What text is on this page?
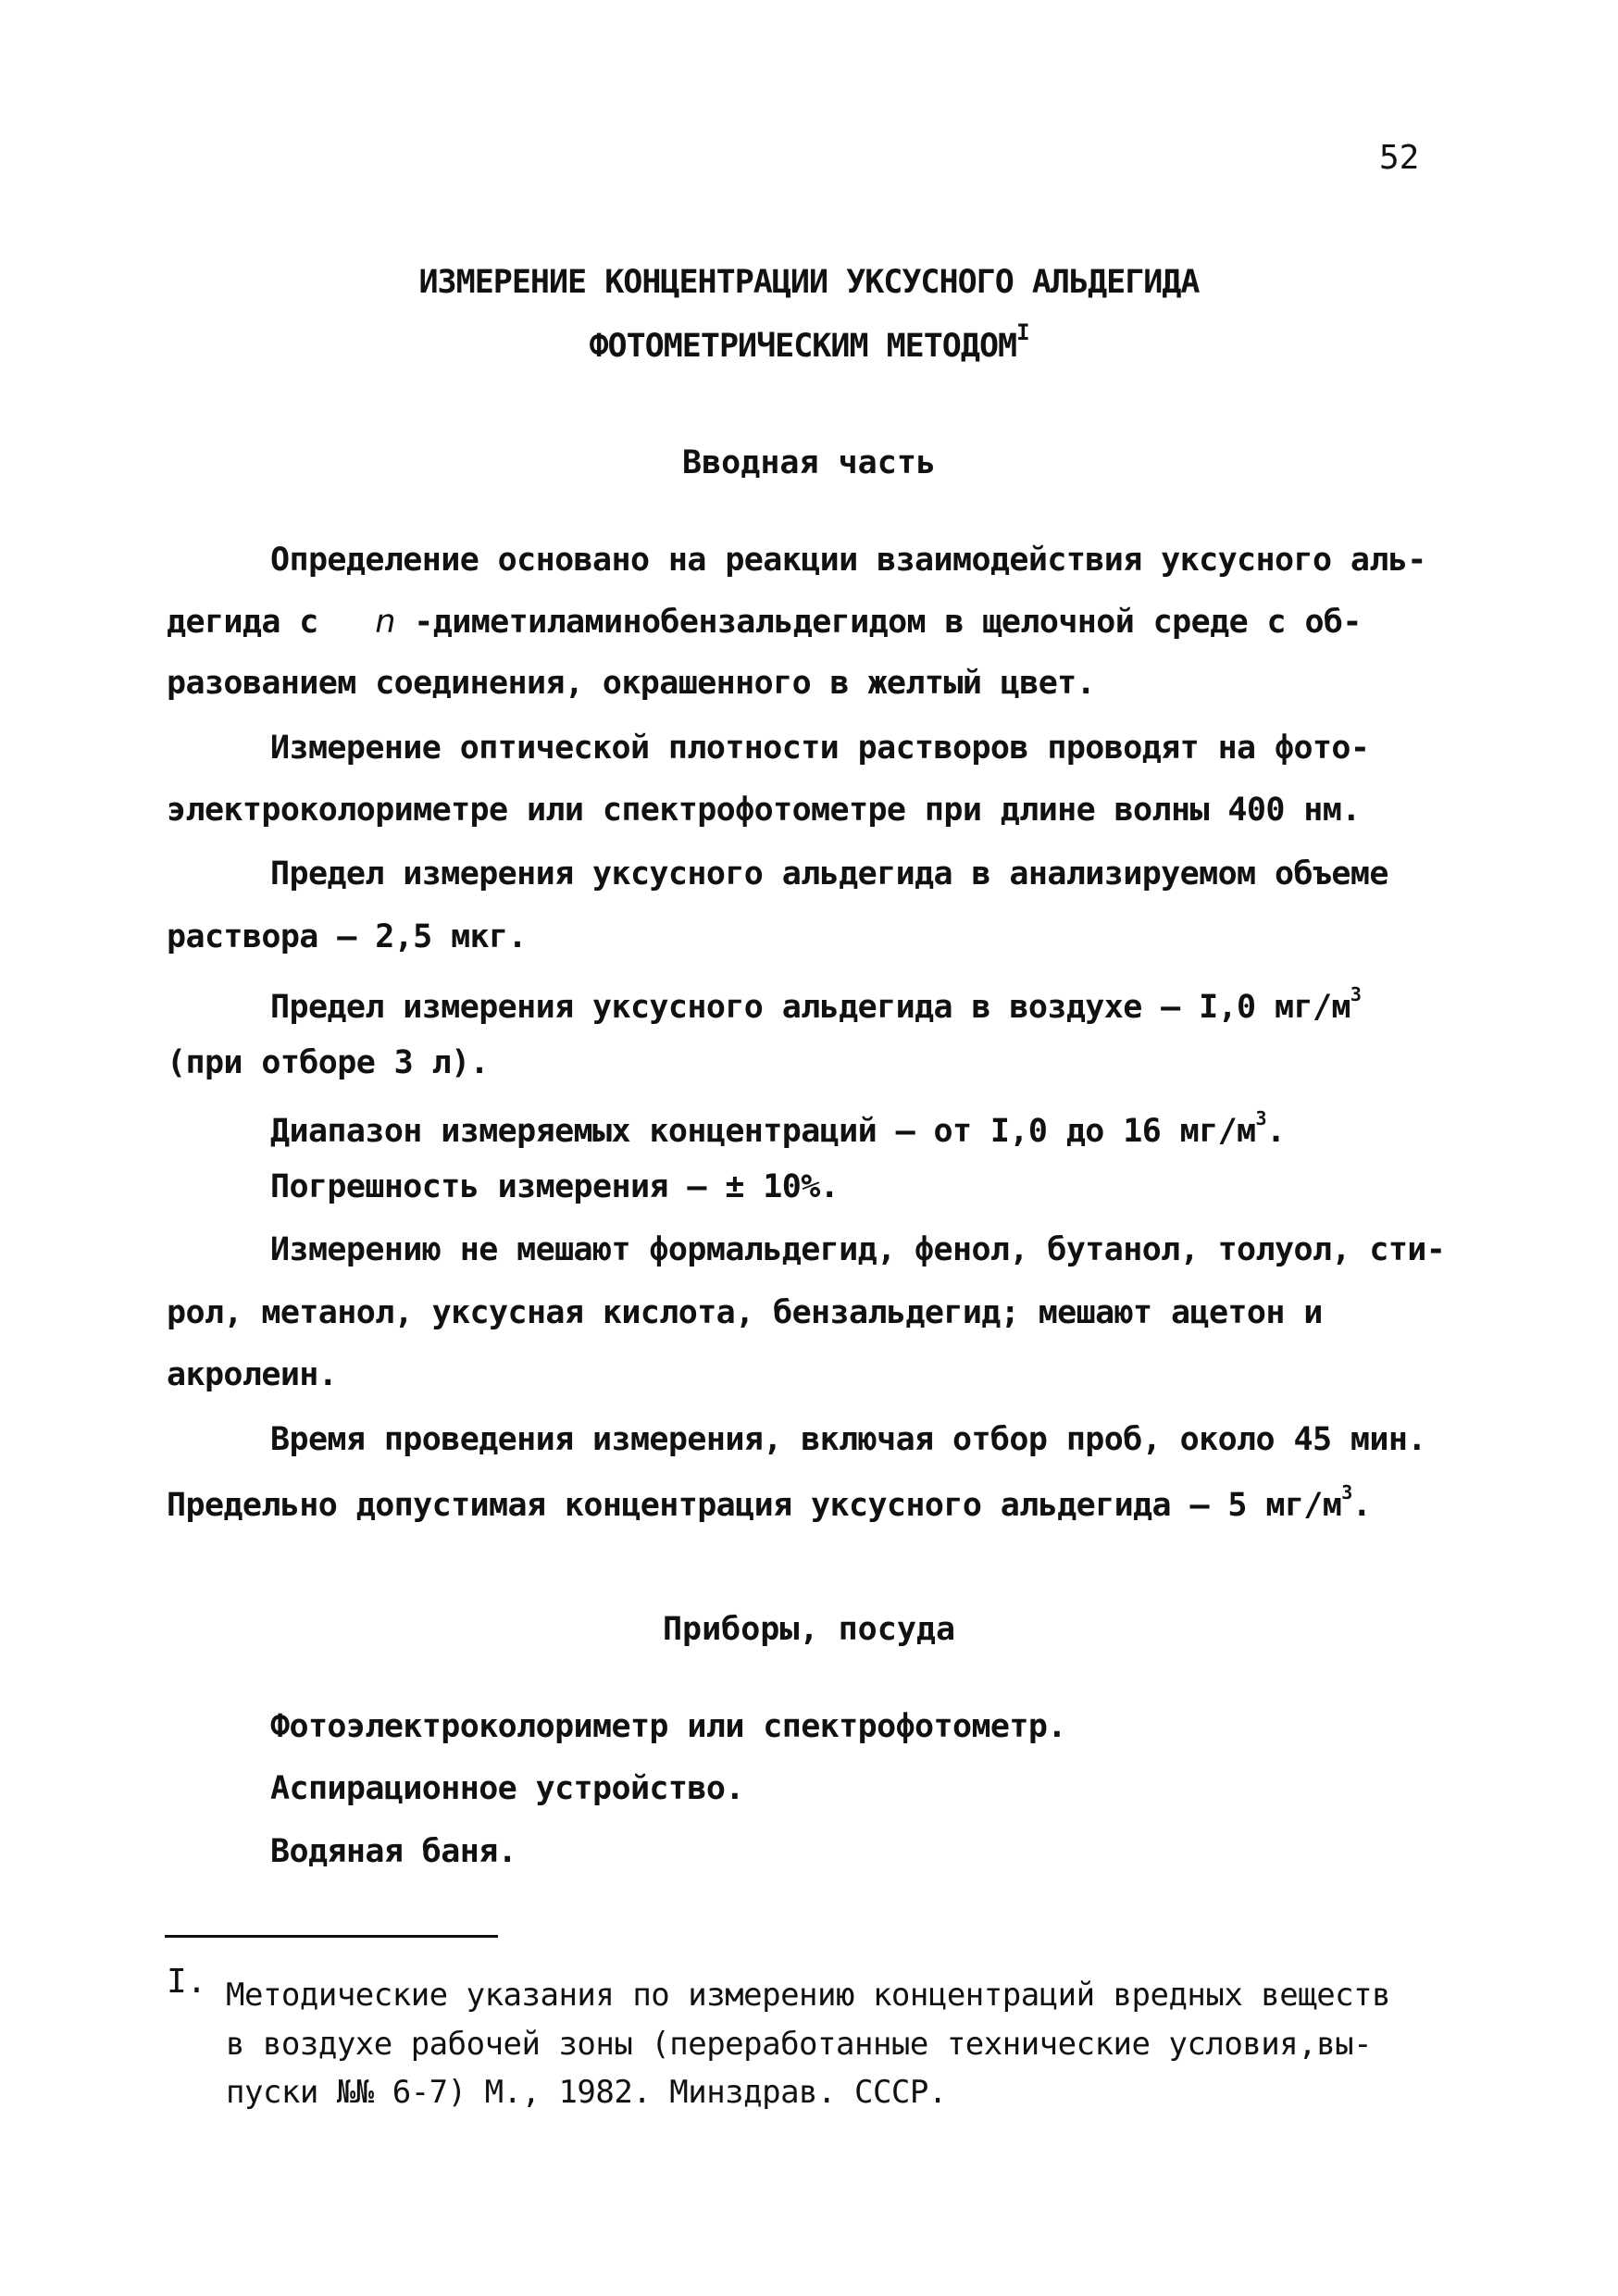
52
ИЗМЕРЕНИЕ КОНЦЕНТРАЦИИ УКСУСНОГО АЛЬДЕГИДА
ФОТОМЕТРИЧЕСКИМ $МЕТОДОМ^I$
Вводная часть
Определение основано на реакции взаимодействия уксусного аль-
дегида с n -диметиламинобензальдегидом в щелочной среде с об-
разованием соединения, окрашенного в желтый цвет.
Измерение оптической плотности растворов проводят на фото-
электроколориметре или спектрофотометре при длине волны 400 нм.
Предел измерения уксусного альдегида в анализируемом объеме
раствора – 2,5 мкг.
Предел измерения уксусного альдегида в воздухе – I,0 $мг/м^3$
(при отборе 3 л).
Диапазон измеряемых концентраций – от I,0 до 16 $мг/м^3$.
Погрешность измерения – ± 10%.
Измерению не мешают формальдегид, фенол, бутанол, толуол, сти-
рол, метанол, уксусная кислота, бензальдегид; мешают ацетон и
акролеин.
Время проведения измерения, включая отбор проб, около 45 мин.
Предельно допустимая концентрация уксусного альдегида – 5 $мг/м^3$.
Приборы, посуда
Фотоэлектроколориметр или спектрофотометр.
Аспирационное устройство.
Водяная баня.
I. Методические указания по измерению концентраций вредных веществ
в воздухе рабочей зоны (переработанные технические условия,вы-
пуски №№ 6-7) М., 1982. Минздрав. СССР.
